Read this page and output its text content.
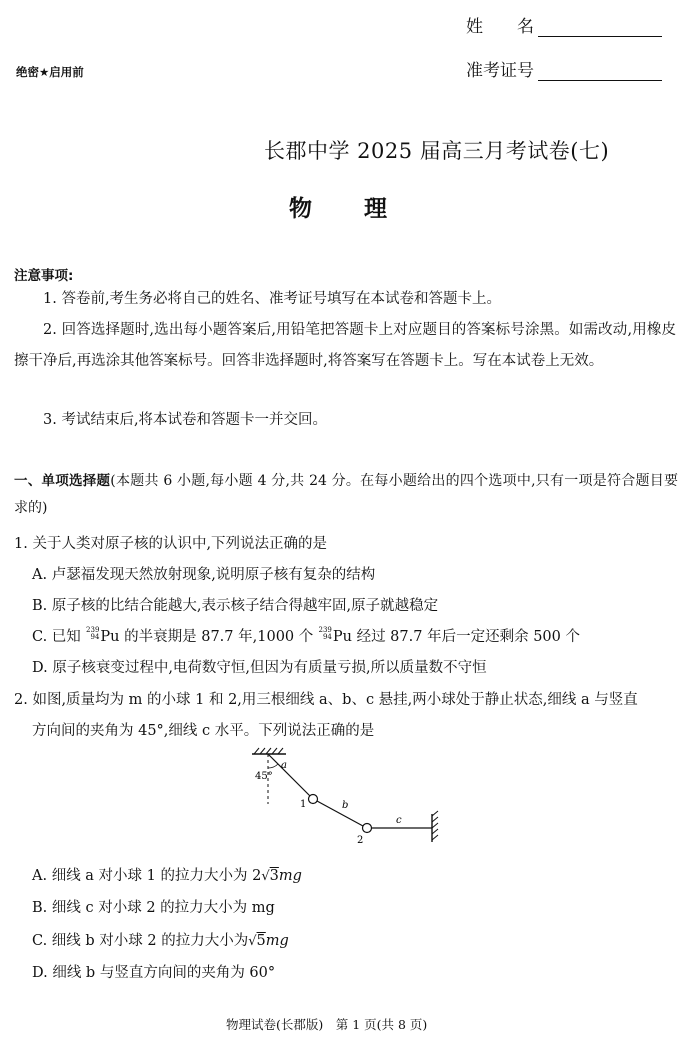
姓　　名
准考证号
绝密★启用前
长郡中学 2025 届高三月考试卷(七)
物　　理
注意事项:
1. 答卷前,考生务必将自己的姓名、准考证号填写在本试卷和答题卡上。
2. 回答选择题时,选出每小题答案后,用铅笔把答题卡上对应题目的答案标号涂黑。如需改动,用橡皮擦干净后,再选涂其他答案标号。回答非选择题时,将答案写在答题卡上。写在本试卷上无效。
3. 考试结束后,将本试卷和答题卡一并交回。
一、单项选择题(本题共 6 小题,每小题 4 分,共 24 分。在每小题给出的四个选项中,只有一项是符合题目要求的)
1. 关于人类对原子核的认识中,下列说法正确的是
A. 卢瑟福发现天然放射现象,说明原子核有复杂的结构
B. 原子核的比结合能越大,表示核子结合得越牢固,原子就越稳定
C. 已知 239
94 Pu 的半衰期是 87.7 年,1000 个 239
94 Pu 经过 87.7 年后一定还剩余 500 个
D. 原子核衰变过程中,电荷数守恒,但因为有质量亏损,所以质量数不守恒
2. 如图,质量均为 m 的小球 1 和 2,用三根细线 a、b、c 悬挂,两小球处于静止状态,细线 a 与竖直
方向间的夹角为 45°,细线 c 水平。下列说法正确的是
45°
a
1	b
2
c
A. 细线 a 对小球 1 的拉力大小为 2√3mg
B. 细线 c 对小球 2 的拉力大小为 mg
C. 细线 b 对小球 2 的拉力大小为√5mg
D. 细线 b 与竖直方向间的夹角为 60°
物理试卷(长郡版)　第 1 页(共 8 页)
